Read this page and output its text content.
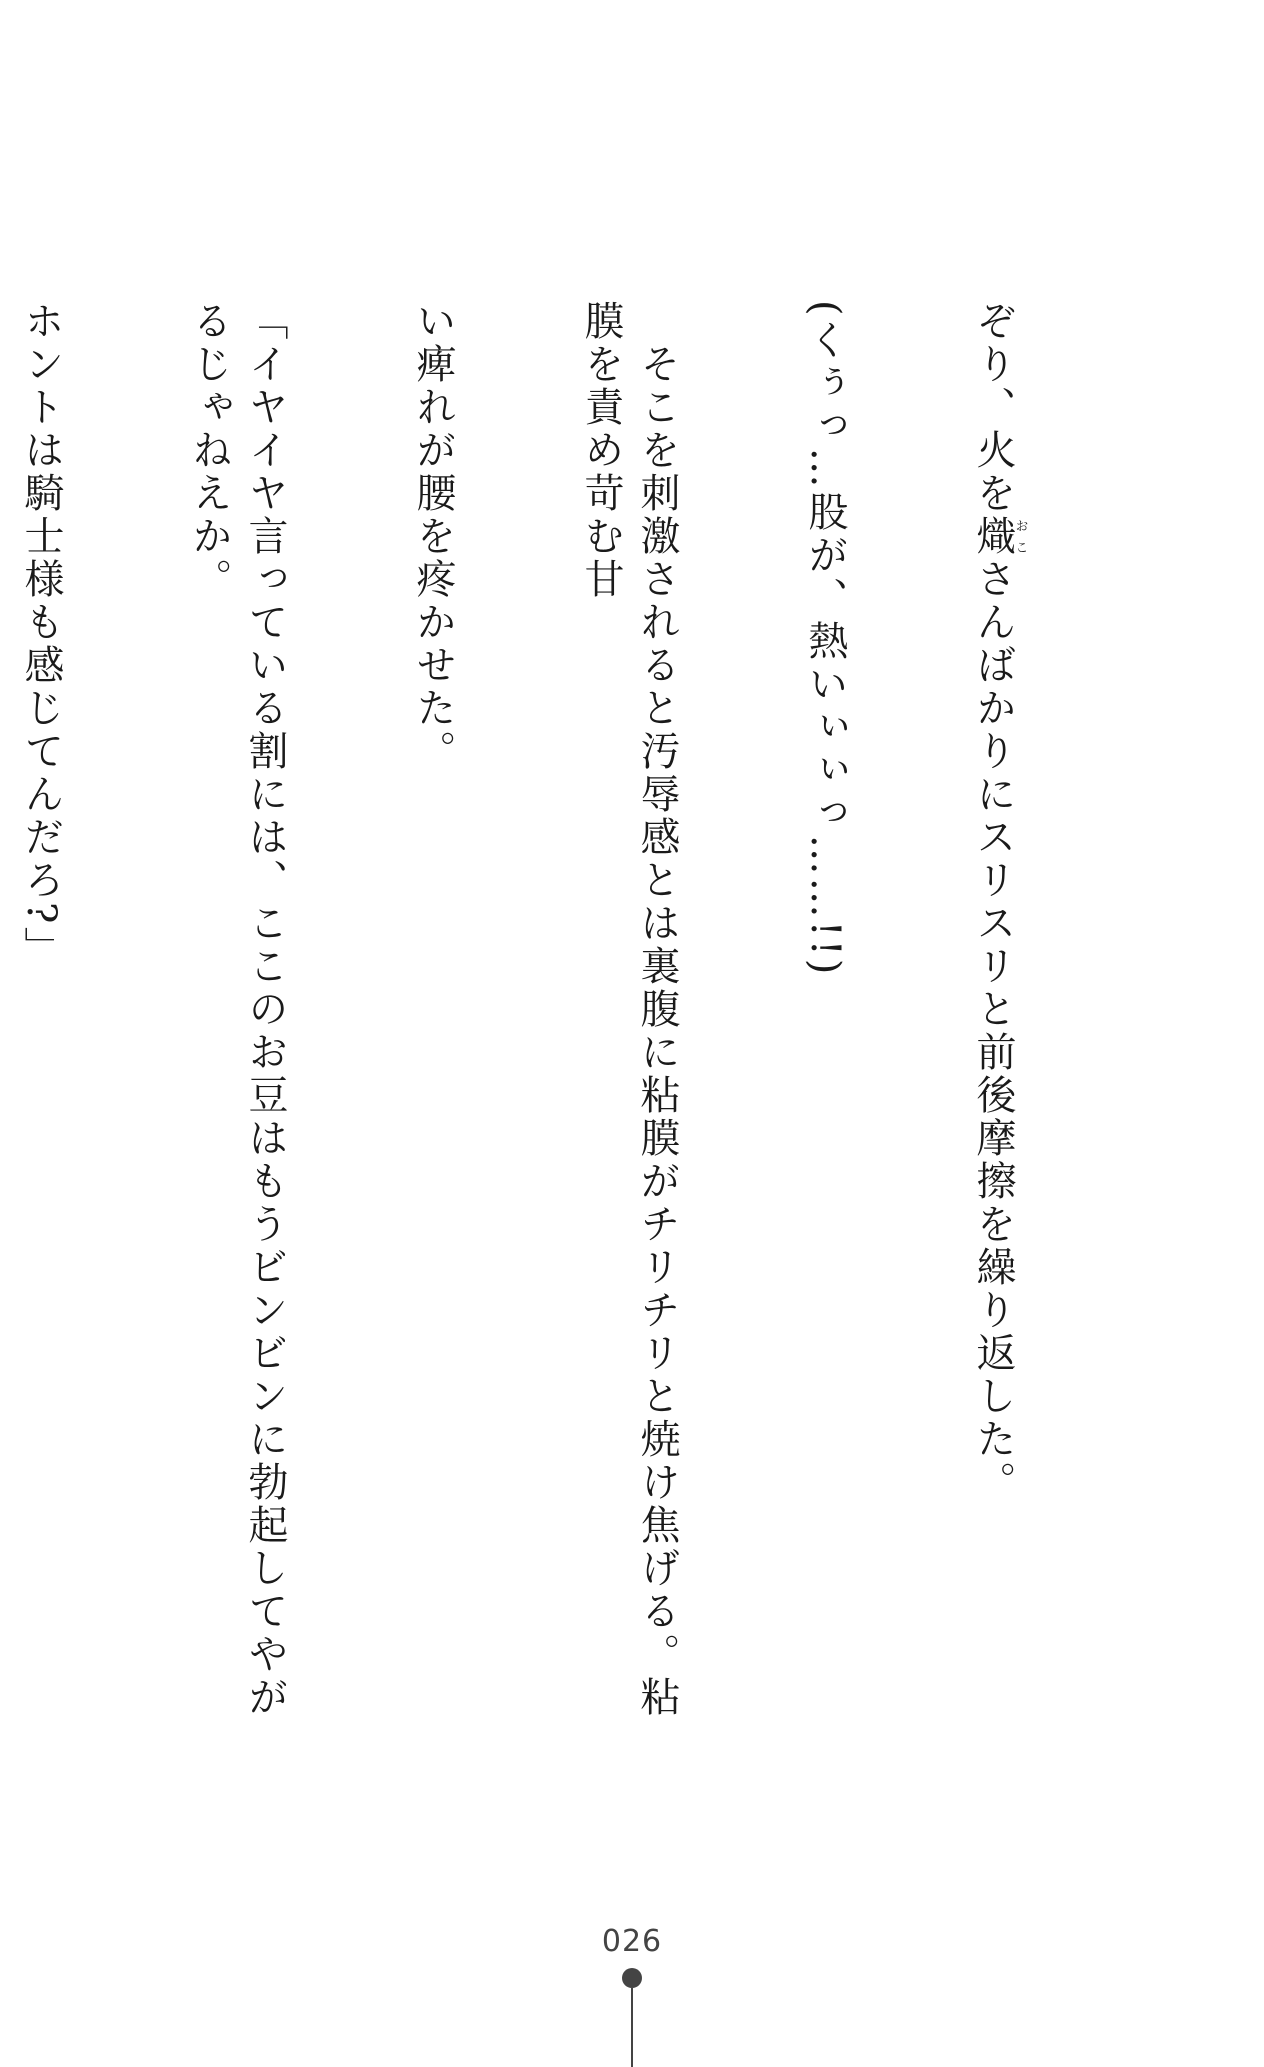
ぞり、火を熾おこさんばかりにスリスリと前後摩擦を繰り返した。

(くぅっ…股が、熱いぃぃっ……!!)

　そこを刺激されると汚辱感とは裏腹に粘膜がチリチリと焼け焦げる。粘膜を責め苛む甘

い痺れが腰を疼かせた。

「イヤイヤ言っている割には、ここのお豆はもうビンビンに勃起してやがるじゃねえか。

ホントは騎士様も感じてんだろ?」

026
